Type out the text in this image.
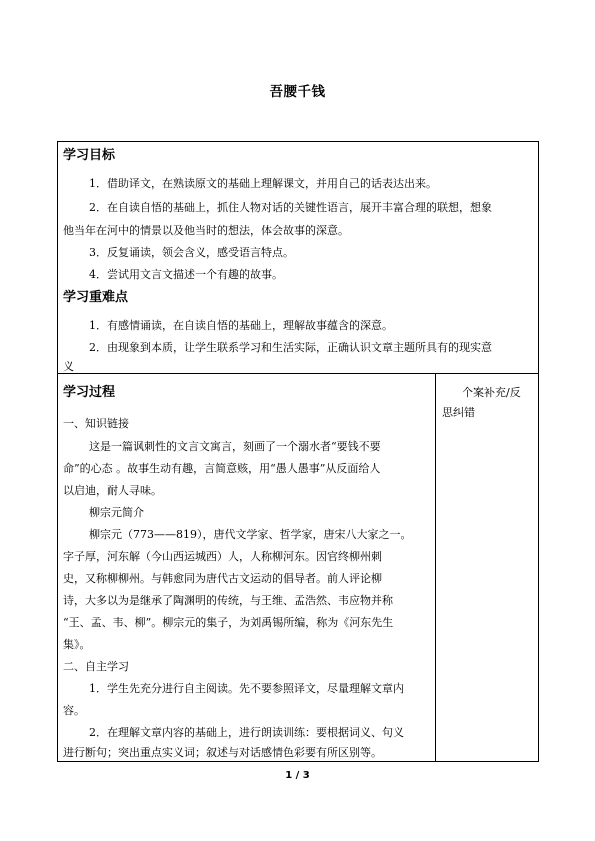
吾腰千钱
学习目标
1．借助译文，在熟读原文的基础上理解课文，并用自己的话表达出来。
2．在自读自悟的基础上，抓住人物对话的关键性语言，展开丰富合理的联想，想象
他当年在河中的情景以及他当时的想法，体会故事的深意。
3．反复诵读，领会含义，感受语言特点。
4．尝试用文言文描述一个有趣的故事。
学习重难点
1．有感情诵读，在自读自悟的基础上，理解故事蕴含的深意。
2．由现象到本质，让学生联系学习和生活实际，正确认识文章主题所具有的现实意
义
学习过程	个案补充/反
思纠错
一、知识链接
这是一篇讽刺性的文言文寓言，刻画了一个溺水者“要钱不要
命”的心态 。故事生动有趣，言简意赅，用“愚人愚事”从反面给人
以启迪，耐人寻味。
柳宗元简介
柳宗元（773——819），唐代文学家、哲学家，唐宋八大家之一。
字子厚，河东解（今山西运城西）人，人称柳河东。因官终柳州刺
史，又称柳柳州。与韩愈同为唐代古文运动的倡导者。前人评论柳
诗，大多以为是继承了陶渊明的传统，与王维、孟浩然、韦应物并称
“王、孟、韦、柳”。柳宗元的集子，为刘禹锡所编，称为《河东先生
集》。
二、自主学习
1．学生先充分进行自主阅读。先不要参照译文，尽量理解文章内
容。
2．在理解文章内容的基础上，进行朗读训练：要根据词义、句义
进行断句；突出重点实义词；叙述与对话感情色彩要有所区别等。
1 / 3
